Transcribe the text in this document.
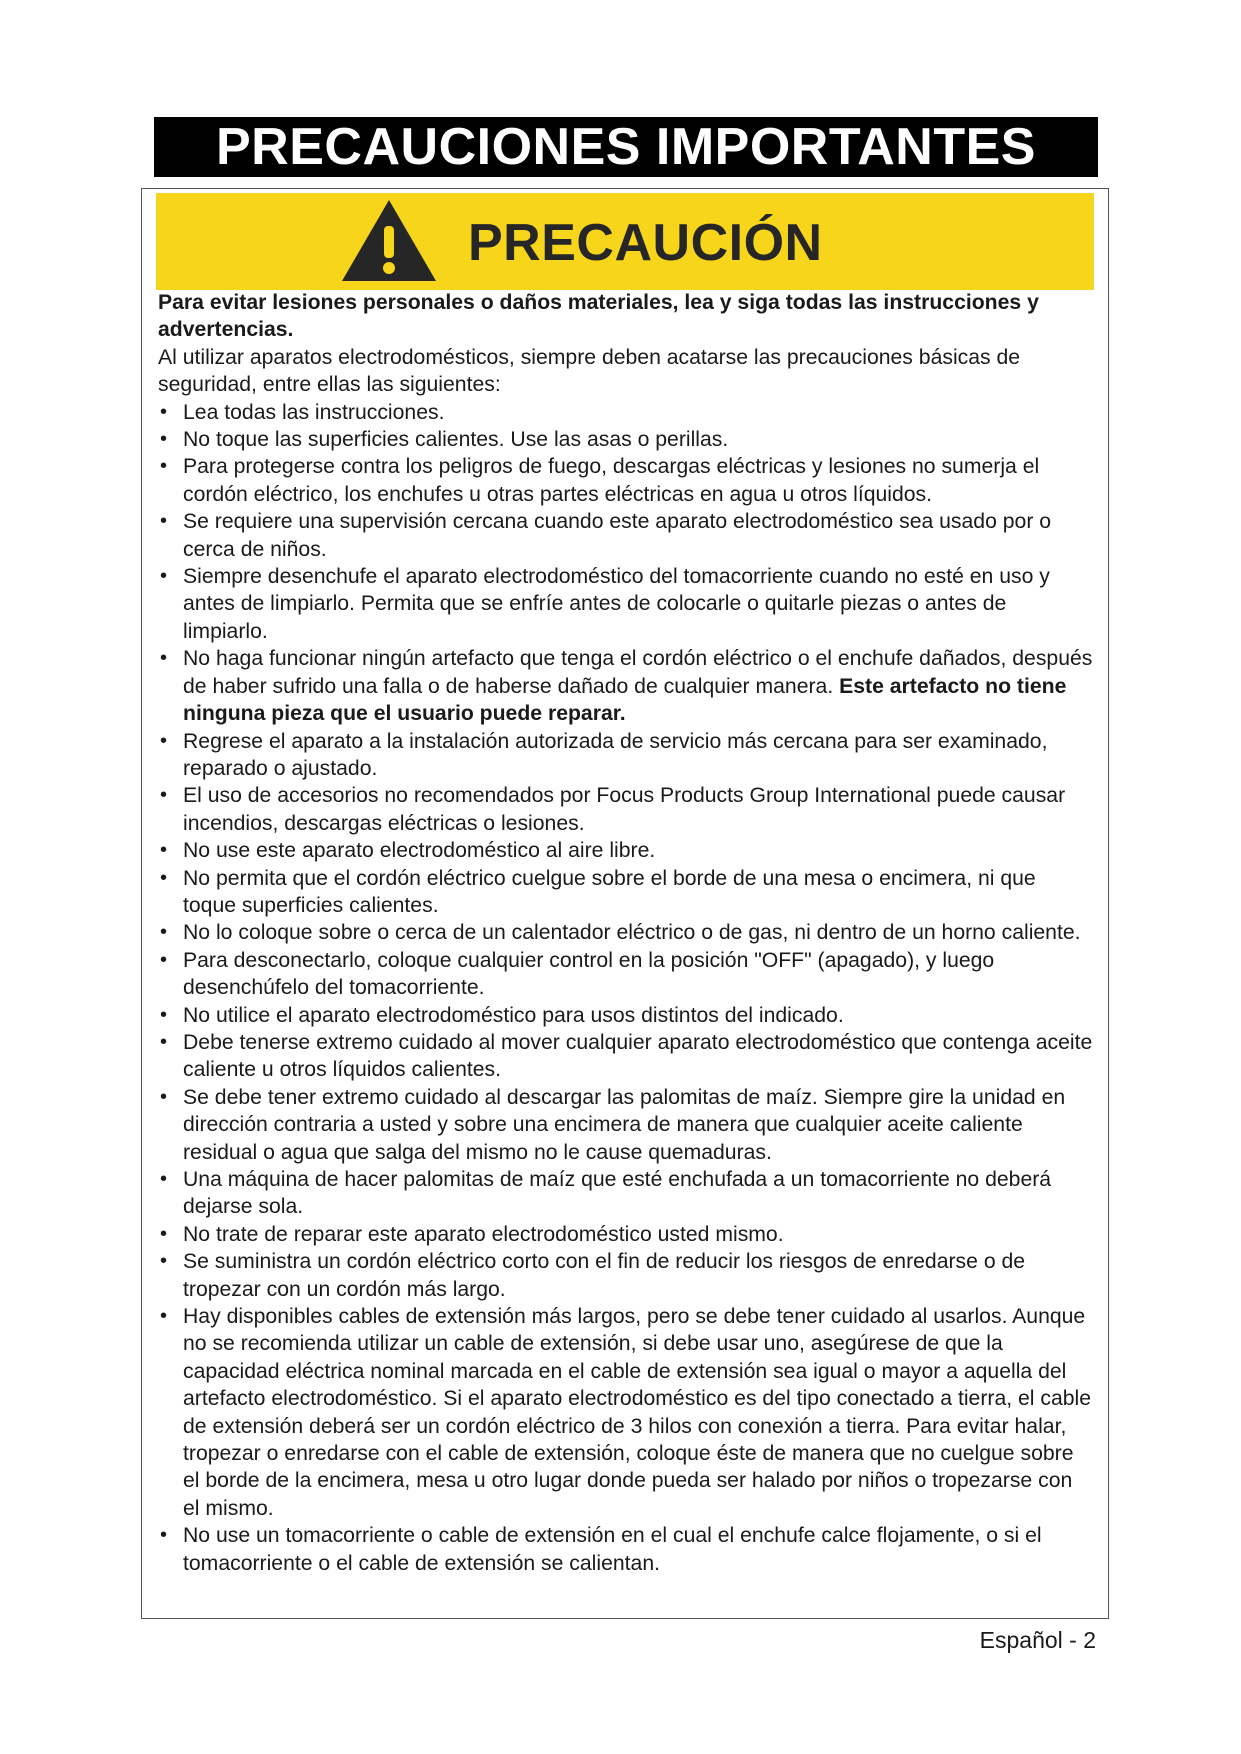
PRECAUCIONES IMPORTANTES
PRECAUCIÓN

Para evitar lesiones personales o daños materiales, lea y siga todas las instrucciones y advertencias.

Al utilizar aparatos electrodomésticos, siempre deben acatarse las precauciones básicas de seguridad, entre ellas las siguientes:

• Lea todas las instrucciones.
• No toque las superficies calientes. Use las asas o perillas.
• Para protegerse contra los peligros de fuego, descargas eléctricas y lesiones no sumerja el cordón eléctrico, los enchufes u otras partes eléctricas en agua u otros líquidos.
• Se requiere una supervisión cercana cuando este aparato electrodoméstico sea usado por o cerca de niños.
• Siempre desenchufe el aparato electrodoméstico del tomacorriente cuando no esté en uso y antes de limpiarlo. Permita que se enfríe antes de colocarle o quitarle piezas o antes de limpiarlo.
• No haga funcionar ningún artefacto que tenga el cordón eléctrico o el enchufe dañados, después de haber sufrido una falla o de haberse dañado de cualquier manera. Este artefacto no tiene ninguna pieza que el usuario puede reparar.
• Regrese el aparato a la instalación autorizada de servicio más cercana para ser examinado, reparado o ajustado.
• El uso de accesorios no recomendados por Focus Products Group International puede causar incendios, descargas eléctricas o lesiones.
• No use este aparato electrodoméstico al aire libre.
• No permita que el cordón eléctrico cuelgue sobre el borde de una mesa o encimera, ni que toque superficies calientes.
• No lo coloque sobre o cerca de un calentador eléctrico o de gas, ni dentro de un horno caliente.
• Para desconectarlo, coloque cualquier control en la posición "OFF" (apagado), y luego desenchúfelo del tomacorriente.
• No utilice el aparato electrodoméstico para usos distintos del indicado.
• Debe tenerse extremo cuidado al mover cualquier aparato electrodoméstico que contenga aceite caliente u otros líquidos calientes.
• Se debe tener extremo cuidado al descargar las palomitas de maíz. Siempre gire la unidad en dirección contraria a usted y sobre una encimera de manera que cualquier aceite caliente residual o agua que salga del mismo no le cause quemaduras.
• Una máquina de hacer palomitas de maíz que esté enchufada a un tomacorriente no deberá dejarse sola.
• No trate de reparar este aparato electrodoméstico usted mismo.
• Se suministra un cordón eléctrico corto con el fin de reducir los riesgos de enredarse o de tropezar con un cordón más largo.
• Hay disponibles cables de extensión más largos, pero se debe tener cuidado al usarlos. Aunque no se recomienda utilizar un cable de extensión, si debe usar uno, asegúrese de que la capacidad eléctrica nominal marcada en el cable de extensión sea igual o mayor a aquella del artefacto electrodoméstico. Si el aparato electrodoméstico es del tipo conectado a tierra, el cable de extensión deberá ser un cordón eléctrico de 3 hilos con conexión a tierra. Para evitar halar, tropezar o enredarse con el cable de extensión, coloque éste de manera que no cuelgue sobre el borde de la encimera, mesa u otro lugar donde pueda ser halado por niños o tropezarse con el mismo.
• No use un tomacorriente o cable de extensión en el cual el enchufe calce flojamente, o si el tomacorriente o el cable de extensión se calientan.
Español - 2
